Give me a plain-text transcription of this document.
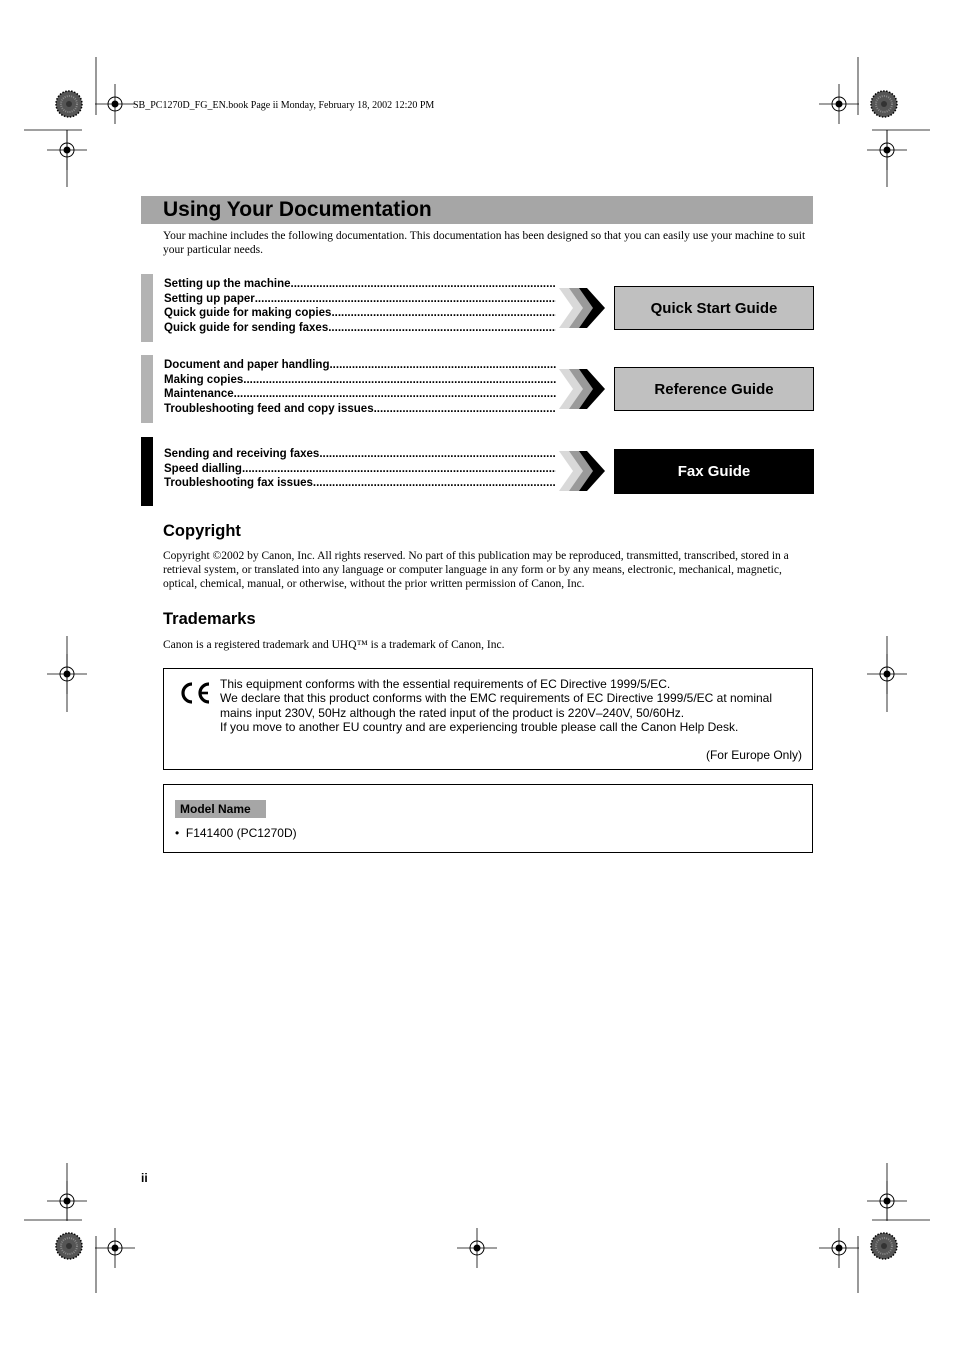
SB_PC1270D_FG_EN.book Page ii Monday, February 18, 2002 12:20 PM
Using Your Documentation
Your machine includes the following documentation. This documentation has been designed so that you can easily use your machine to suit your particular needs.
Setting up the machine
.....
Setting up paper
.....
Quick guide for making copies
.....
Quick guide for sending faxes
.....
Quick Start Guide
Document and paper handling
.....
Making copies
.....
Maintenance
.....
Troubleshooting feed and copy issues
.....
Reference Guide
Sending and receiving faxes
.....
Speed dialling
.....
Troubleshooting fax issues
.....
Fax Guide
Copyright
Copyright ©2002 by Canon, Inc. All rights reserved. No part of this publication may be reproduced, transmitted, transcribed, stored in a retrieval system, or translated into any language or computer language in any form or by any means, electronic, mechanical, magnetic, optical, chemical, manual, or otherwise, without the prior written permission of Canon, Inc.
Trademarks
Canon is a registered trademark and UHQ™ is a trademark of Canon, Inc.
This equipment conforms with the essential requirements of EC Directive 1999/5/EC.
We declare that this product conforms with the EMC requirements of EC Directive 1999/5/EC at nominal mains input 230V, 50Hz although the rated input of the product is 220V–240V, 50/60Hz.
If you move to another EU country and are experiencing trouble please call the Canon Help Desk.
(For Europe Only)
Model Name
• F141400 (PC1270D)
ii
